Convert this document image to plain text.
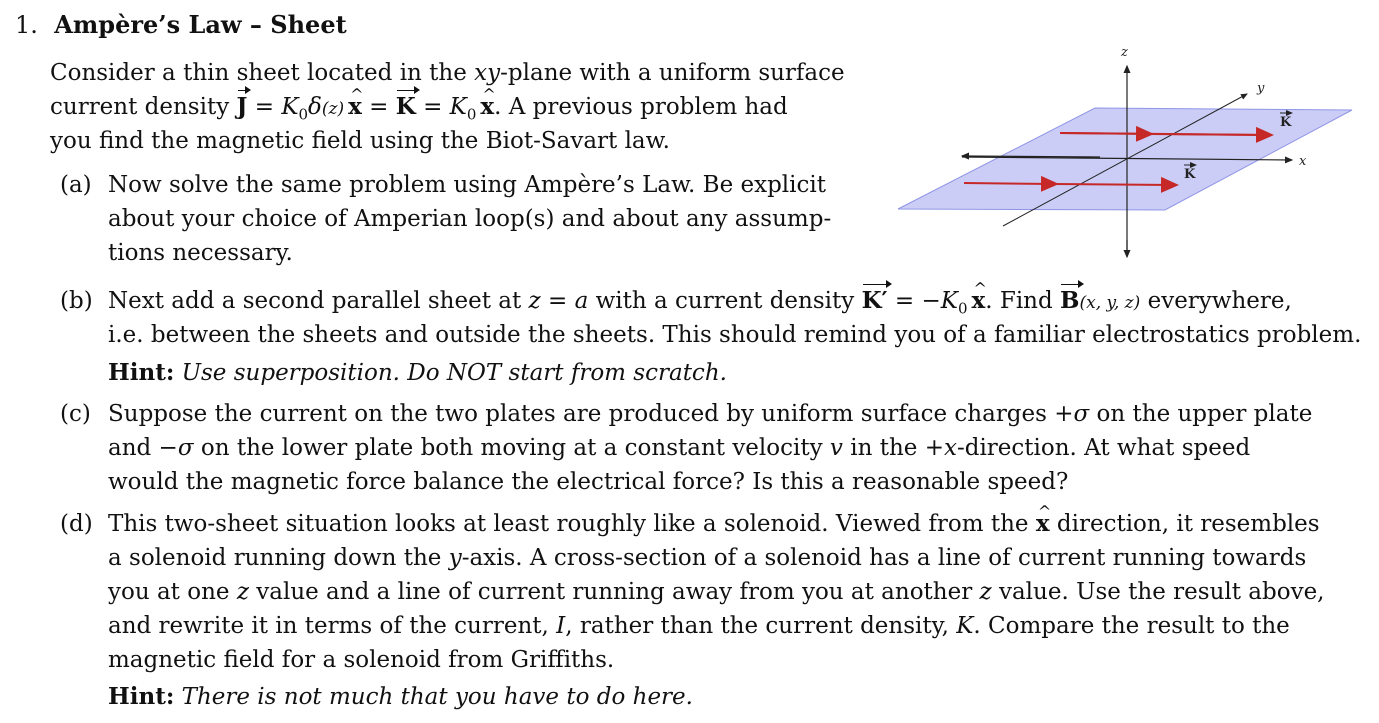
1. Ampère’s Law – Sheet
Consider a thin sheet located in the xy-plane with a uniform surface
current density $J = K_0\delta(z)$ x ^ = $K = K_0$ x ^. A previous problem had
you find the magnetic field using the Biot-Savart law.
(a) Now solve the same problem using Ampère’s Law. Be explicit
about your choice of Amperian loop(s) and about any assump-
tions necessary.
(b) Next add a second parallel sheet at z = a with a current density $K' = -K_0$ x ^. Find B(x, y, z) everywhere,
i.e. between the sheets and outside the sheets. This should remind you of a familiar electrostatics problem.
Hint: Use superposition. Do NOT start from scratch.
(c) Suppose the current on the two plates are produced by uniform surface charges +σ on the upper plate
and −σ on the lower plate both moving at a constant velocity v in the +x-direction. At what speed
would the magnetic force balance the electrical force? Is this a reasonable speed?
(d) This two-sheet situation looks at least roughly like a solenoid. Viewed from the x ^ direction, it resembles
a solenoid running down the y-axis. A cross-section of a solenoid has a line of current running towards
you at one z value and a line of current running away from you at another z value. Use the result above,
and rewrite it in terms of the current, I, rather than the current density, K. Compare the result to the
magnetic field for a solenoid from Griffiths.
Hint: There is not much that you have to do here.
z
y
x
K
K
